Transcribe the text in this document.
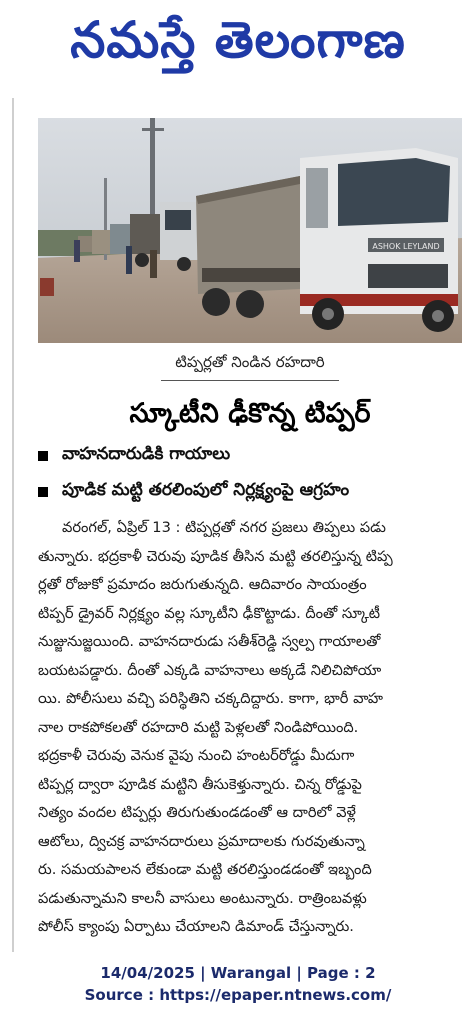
నమస్తే తెలంగాణ
ASHOK LEYLAND
టిప్పర్లతో నిండిన రహదారి
స్కూటీని ఢీకొన్న టిప్పర్
వాహనదారుడికి గాయాలు
పూడిక మట్టి తరలింపులో నిర్లక్ష్యంపై ఆగ్రహం
వరంగల్, ఏప్రిల్ 13 : టిప్పర్లతో నగర ప్రజలు తిప్పలు పడు
తున్నారు. భద్రకాళీ చెరువు పూడిక తీసిన మట్టి తరలిస్తున్న టిప్ప
ర్లతో రోజుకో ప్రమాదం జరుగుతున్నది. ఆదివారం సాయంత్రం
టిప్పర్ డ్రైవర్ నిర్లక్ష్యం వల్ల స్కూటీని ఢీకొట్టాడు. దీంతో స్కూటీ
నుజ్జునుజ్జయింది. వాహనదారుడు సతీశ్‌రెడ్డి స్వల్ప గాయాలతో
బయటపడ్డారు. దీంతో ఎక్కడి వాహనాలు అక్కడే నిలిచిపోయా
యి. పోలీసులు వచ్చి పరిస్థితిని చక్కదిద్దారు. కాగా, భారీ వాహ
నాల రాకపోకలతో రహదారి మట్టి పెళ్లలతో నిండిపోయింది.
భద్రకాళీ చెరువు వెనుక వైపు నుంచి హంటర్‌రోడ్డు మీదుగా
టిప్పర్ల ద్వారా పూడిక మట్టిని తీసుకెళ్తున్నారు. చిన్న రోడ్డుపై
నిత్యం వందల టిప్పర్లు తిరుగుతుండడంతో ఆ దారిలో వెళ్లే
ఆటోలు, ద్విచక్ర వాహనదారులు ప్రమాదాలకు గురవుతున్నా
రు. సమయపాలన లేకుండా మట్టి తరలిస్తుండడంతో ఇబ్బంది
పడుతున్నామని కాలనీ వాసులు అంటున్నారు. రాత్రింబవళ్లు
పోలీస్ క్యాంపు ఏర్పాటు చేయాలని డిమాండ్ చేస్తున్నారు.
14/04/2025 | Warangal | Page : 2
Source : https://epaper.ntnews.com/
